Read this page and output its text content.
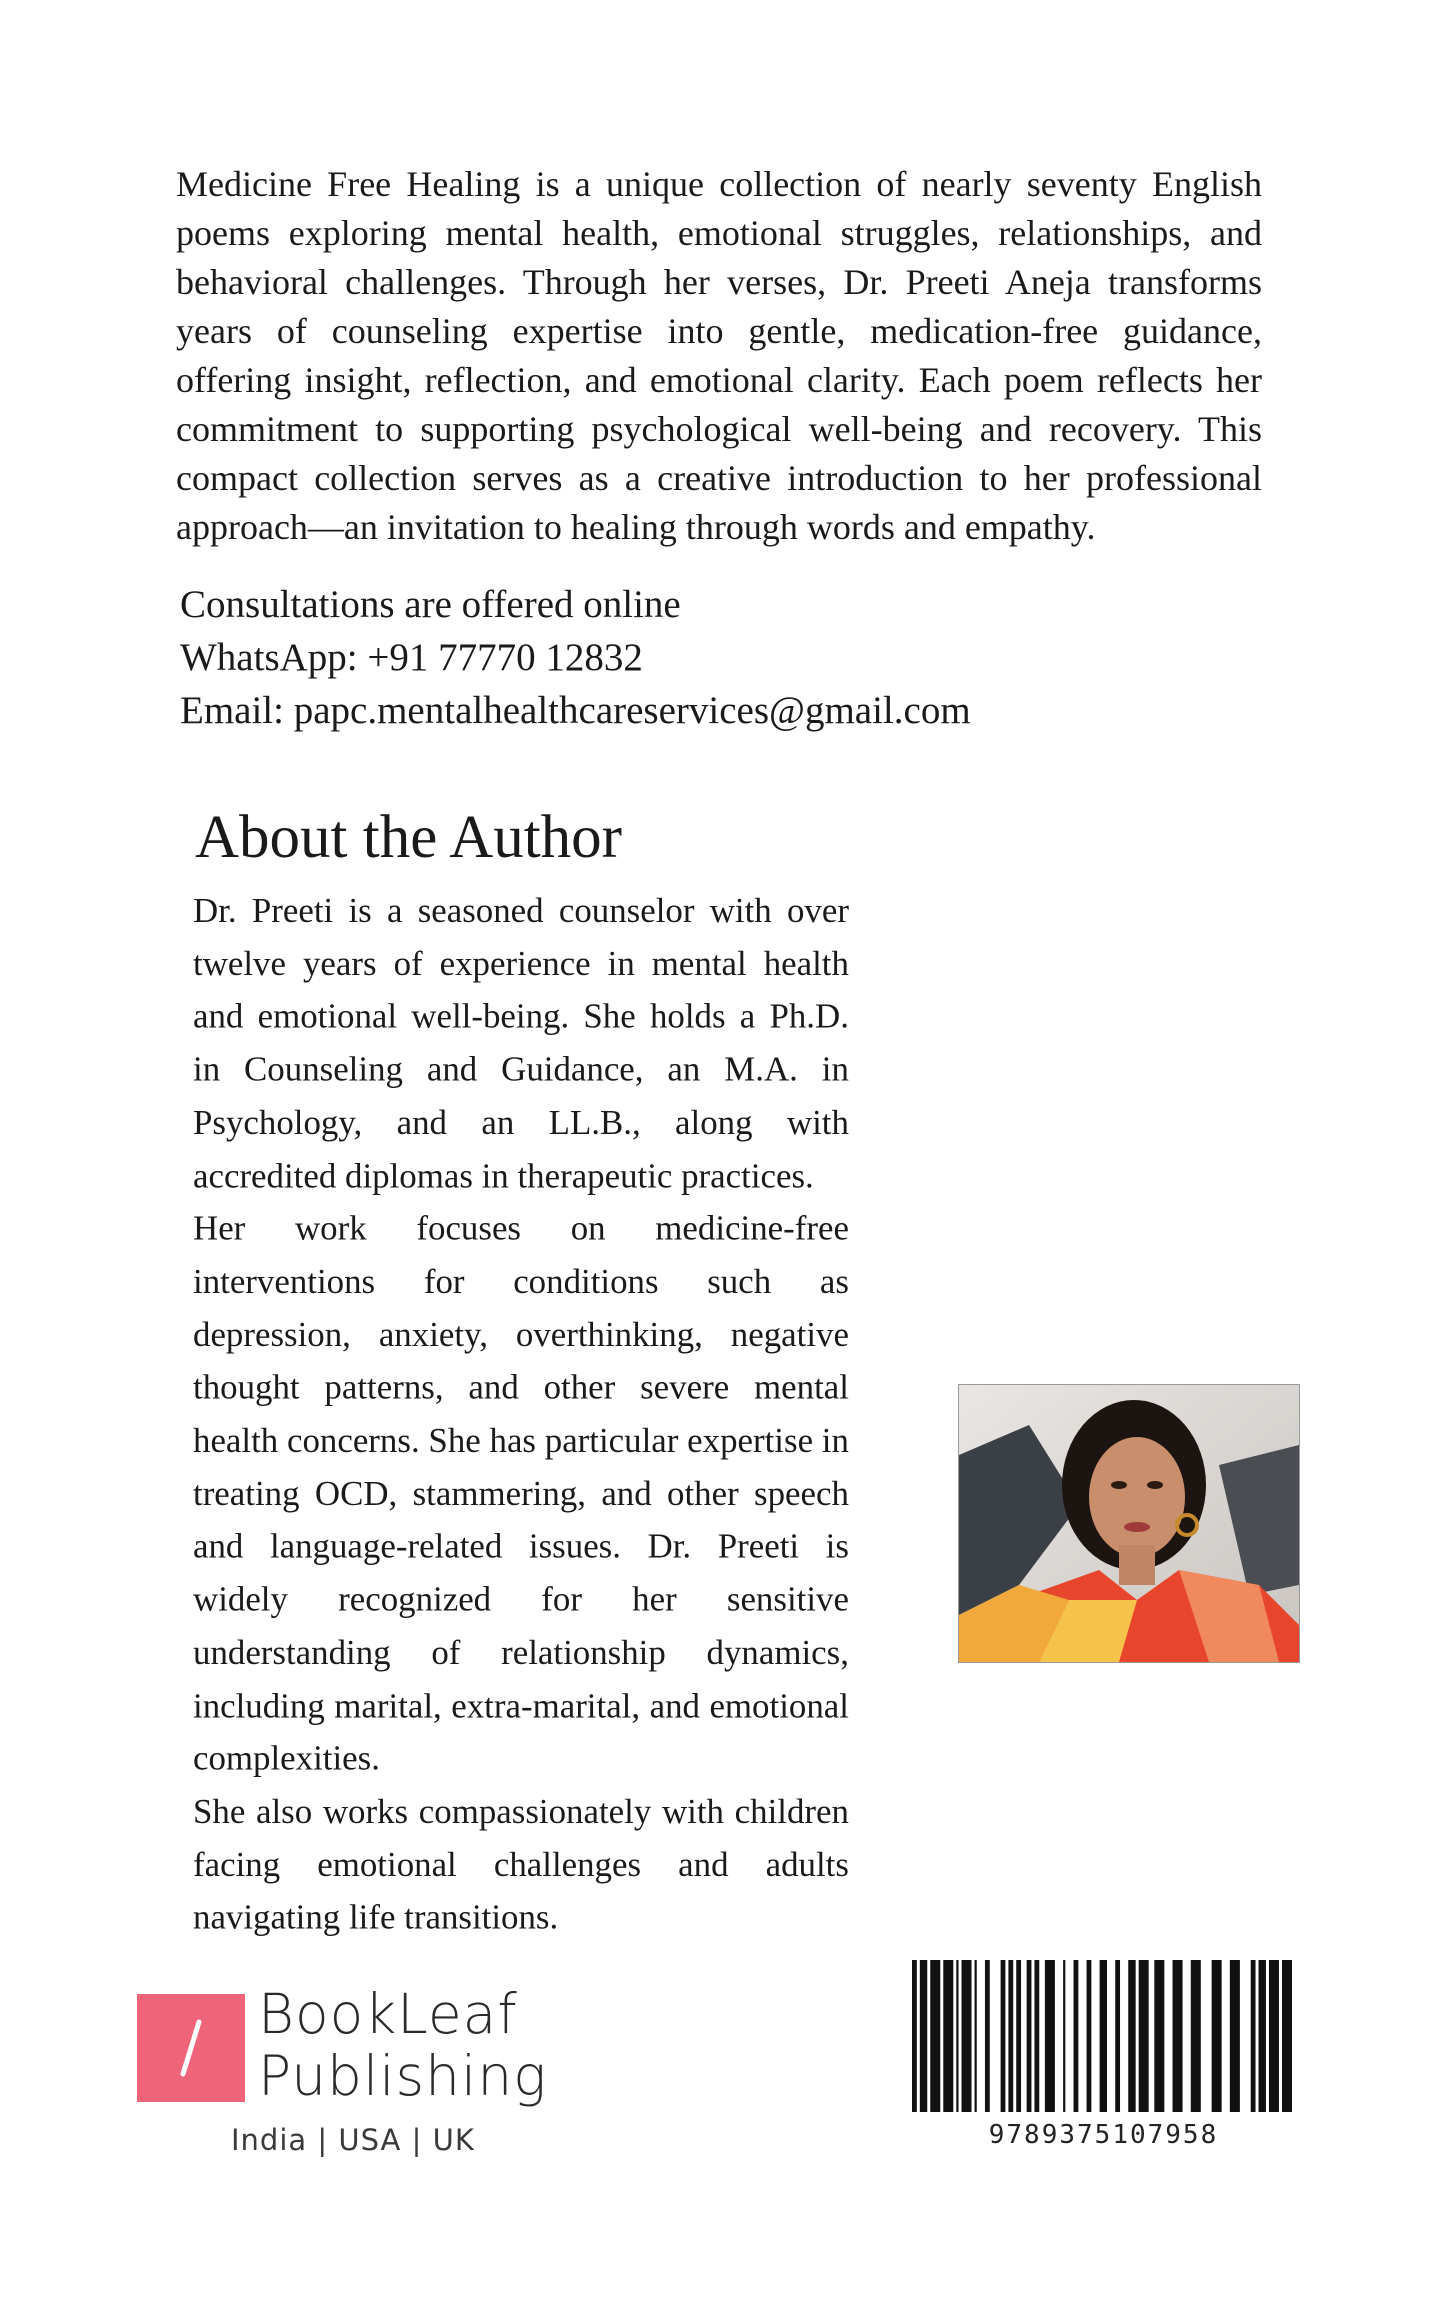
Medicine Free Healing is a unique collection of nearly seventy English poems exploring mental health, emotional struggles, relationships, and behavioral challenges. Through her verses, Dr. Preeti Aneja transforms years of counseling expertise into gentle, medication-free guidance, offering insight, reflection, and emotional clarity. Each poem reflects her commitment to supporting psychological well-being and recovery. This compact collection serves as a creative introduction to her professional approach—an invitation to healing through words and empathy.

Consultations are offered online
WhatsApp: +91 77770 12832
Email: papc.mentalhealthcareservices@gmail.com
About the Author

Dr. Preeti is a seasoned counselor with over twelve years of experience in mental health and emotional well-being. She holds a Ph.D. in Counseling and Guidance, an M.A. in Psychology, and an LL.B., along with accredited diplomas in therapeutic practices.

Her work focuses on medicine-free interventions for conditions such as depression, anxiety, overthinking, negative thought patterns, and other severe mental health concerns. She has particular expertise in treating OCD, stammering, and other speech and language-related issues. Dr. Preeti is widely recognized for her sensitive understanding of relationship dynamics, including marital, extra-marital, and emotional complexities.

She also works compassionately with children facing emotional challenges and adults navigating life transitions.

BookLeaf
Publishing
India | USA | UK	9789375107958
